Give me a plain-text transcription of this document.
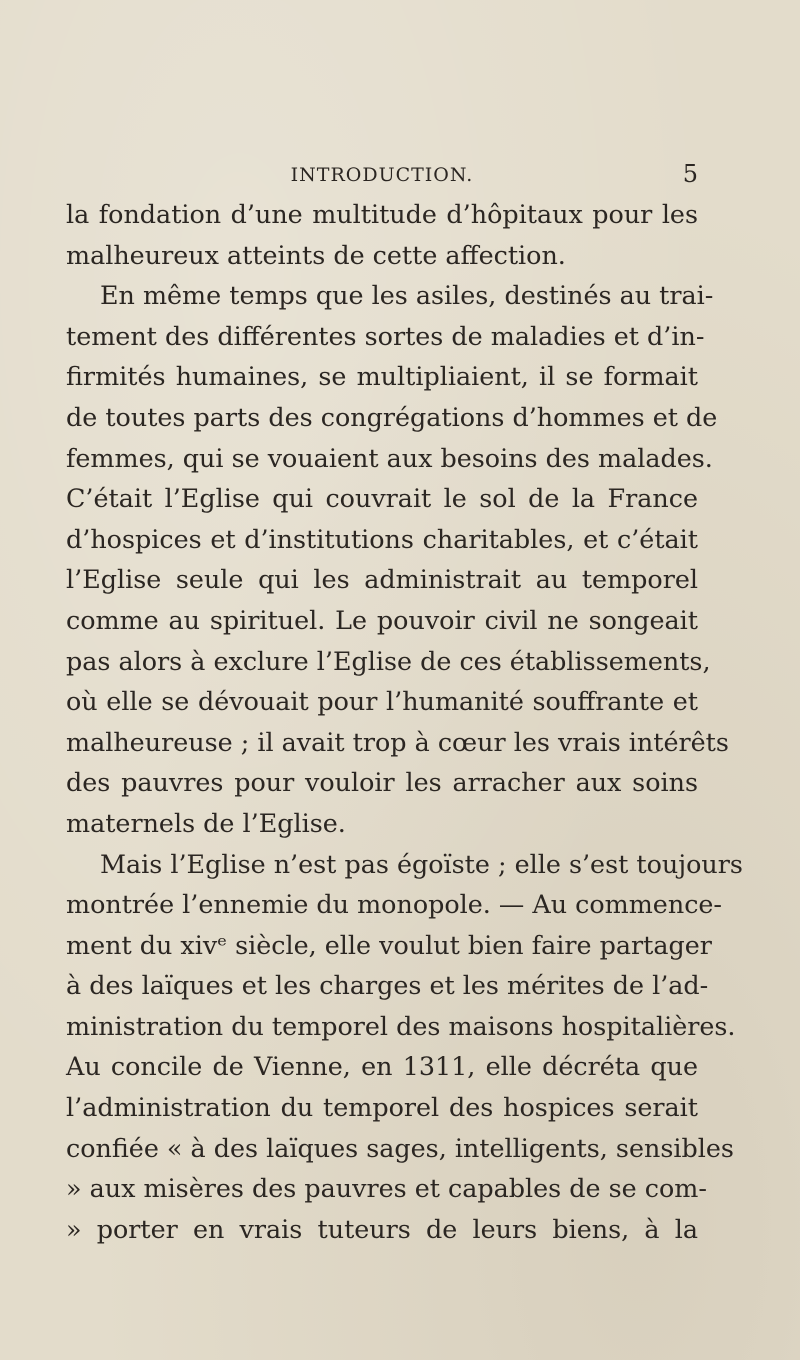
INTRODUCTION.	5
la fondation d’une multitude d’hôpitaux pour les
malheureux atteints de cette affection.
En même temps que les asiles, destinés au trai-
tement des différentes sortes de maladies et d’in-
firmités humaines, se multipliaient, il se formait
de toutes parts des congrégations d’hommes et de
femmes, qui se vouaient aux besoins des malades.
C’était l’Eglise qui couvrait le sol de la France
d’hospices et d’institutions charitables, et c’était
l’Eglise seule qui les administrait au temporel
comme au spirituel. Le pouvoir civil ne songeait
pas alors à exclure l’Eglise de ces établissements,
où elle se dévouait pour l’humanité souffrante et
malheureuse ; il avait trop à cœur les vrais intérêts
des pauvres pour vouloir les arracher aux soins
maternels de l’Eglise.
Mais l’Eglise n’est pas égoïste ; elle s’est toujours
montrée l’ennemie du monopole. — Au commence-
ment du xivᵉ siècle, elle voulut bien faire partager
à des laïques et les charges et les mérites de l’ad-
ministration du temporel des maisons hospitalières.
Au concile de Vienne, en 1311, elle décréta que
l’administration du temporel des hospices serait
confiée « à des laïques sages, intelligents, sensibles
» aux misères des pauvres et capables de se com-
» porter en vrais tuteurs de leurs biens, à la
